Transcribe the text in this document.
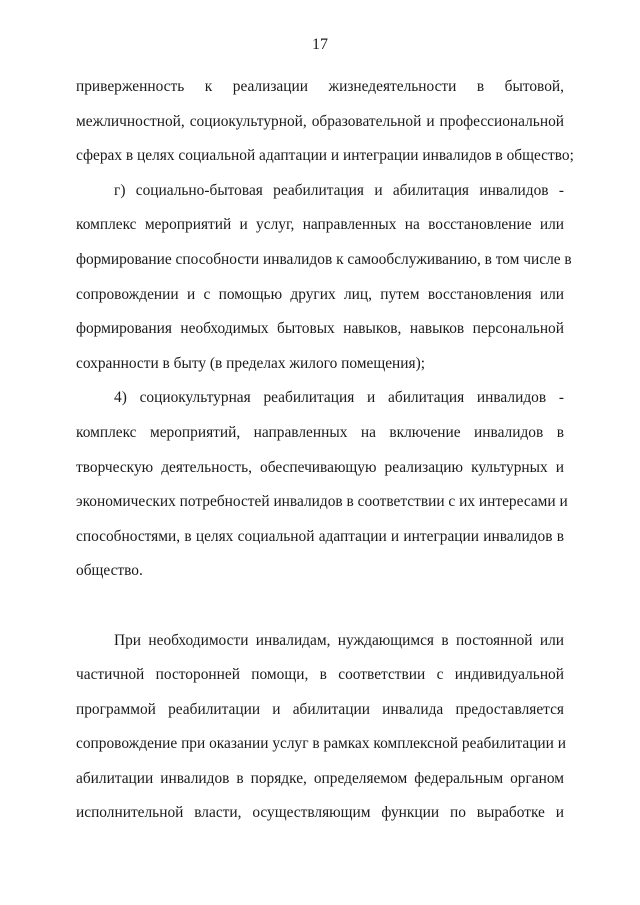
17
приверженность к реализации жизнедеятельности в бытовой,
межличностной, социокультурной, образовательной и профессиональной
сферах в целях социальной адаптации и интеграции инвалидов в общество;
г) социально-бытовая реабилитация и абилитация инвалидов -
комплекс мероприятий и услуг, направленных на восстановление или
формирование способности инвалидов к самообслуживанию, в том числе в
сопровождении и с помощью других лиц, путем восстановления или
формирования необходимых бытовых навыков, навыков персональной
сохранности в быту (в пределах жилого помещения);
4) социокультурная реабилитация и абилитация инвалидов -
комплекс мероприятий, направленных на включение инвалидов в
творческую деятельность, обеспечивающую реализацию культурных и
экономических потребностей инвалидов в соответствии с их интересами и
способностями, в целях социальной адаптации и интеграции инвалидов в
общество.
При необходимости инвалидам, нуждающимся в постоянной или
частичной посторонней помощи, в соответствии с индивидуальной
программой реабилитации и абилитации инвалида предоставляется
сопровождение при оказании услуг в рамках комплексной реабилитации и
абилитации инвалидов в порядке, определяемом федеральным органом
исполнительной власти, осуществляющим функции по выработке и
